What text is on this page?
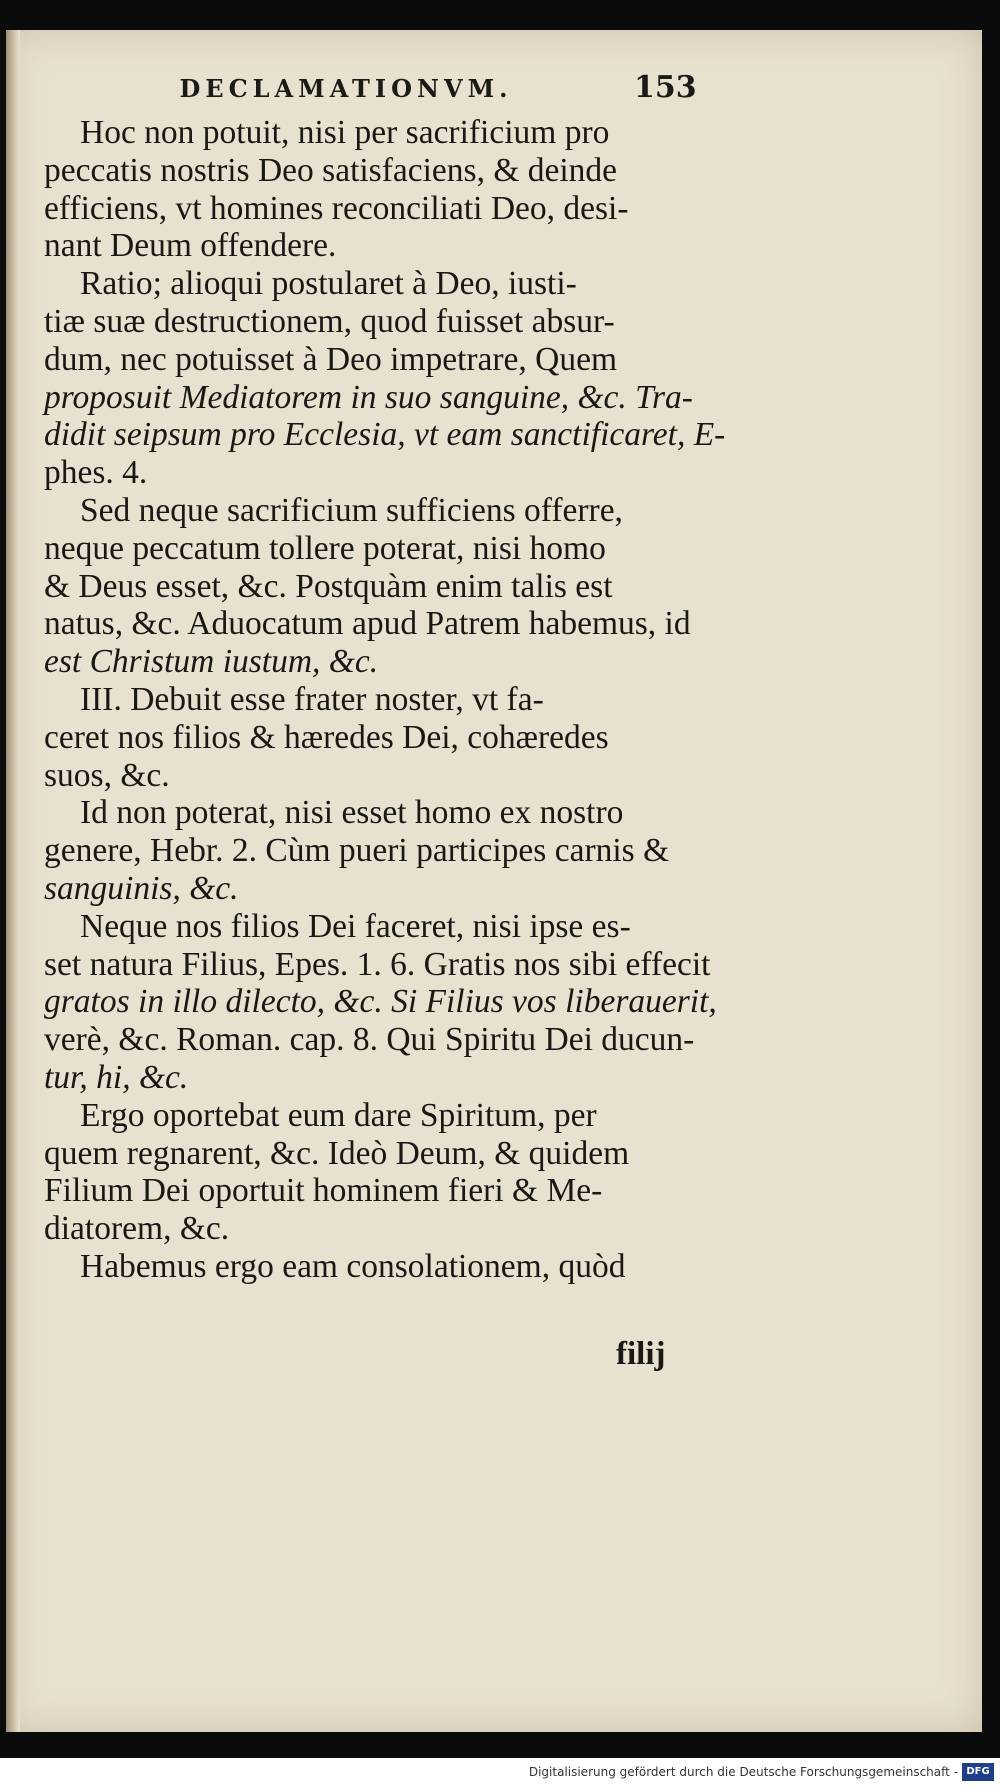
DECLAMATIONVM.	153
Hoc non potuit, nisi per sacrificium pro
peccatis nostris Deo satisfaciens, & deinde
efficiens, vt homines reconciliati Deo, desi-
nant Deum offendere.
Ratio; alioqui postularet à Deo, iusti-
tiæ suæ destructionem, quod fuisset absur-
dum, nec potuisset à Deo impetrare, Quem
proposuit Mediatorem in suo sanguine, &c. Tra-
didit seipsum pro Ecclesia, vt eam sanctificaret, E-
phes. 4.
Sed neque sacrificium sufficiens offerre,
neque peccatum tollere poterat, nisi homo
& Deus esset, &c. Postquàm enim talis est
natus, &c. Aduocatum apud Patrem habemus, id
est Christum iustum, &c.
III. Debuit esse frater noster, vt fa-
ceret nos filios & hæredes Dei, cohæredes
suos, &c.
Id non poterat, nisi esset homo ex nostro
genere, Hebr. 2. Cùm pueri participes carnis &
sanguinis, &c.
Neque nos filios Dei faceret, nisi ipse es-
set natura Filius, Epes. 1. 6. Gratis nos sibi effecit
gratos in illo dilecto, &c. Si Filius vos liberauerit,
verè, &c. Roman. cap. 8. Qui Spiritu Dei ducun-
tur, hi, &c.
Ergo oportebat eum dare Spiritum, per
quem regnarent, &c. Ideò Deum, & quidem
Filium Dei oportuit hominem fieri & Me-
diatorem, &c.
Habemus ergo eam consolationem, quòd
filij
Digitalisierung gefördert durch die Deutsche Forschungsgemeinschaft - DFG
